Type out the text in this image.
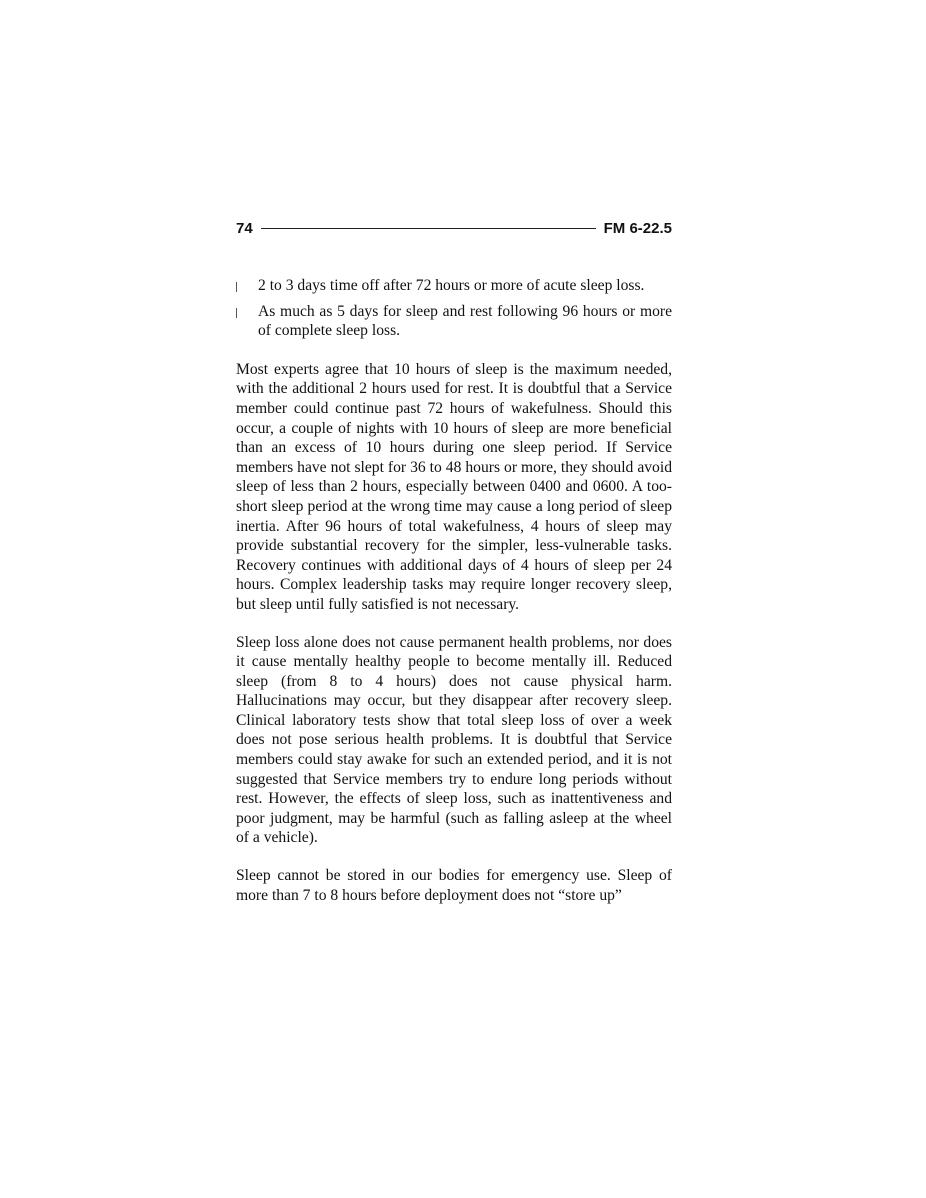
74	FM 6-22.5
2 to 3 days time off after 72 hours or more of acute sleep loss.
As much as 5 days for sleep and rest following 96 hours or more of complete sleep loss.

Most experts agree that 10 hours of sleep is the maximum needed, with the additional 2 hours used for rest. It is doubtful that a Service member could continue past 72 hours of wakefulness. Should this occur, a couple of nights with 10 hours of sleep are more beneficial than an excess of 10 hours during one sleep period. If Service members have not slept for 36 to 48 hours or more, they should avoid sleep of less than 2 hours, especially between 0400 and 0600. A too-short sleep period at the wrong time may cause a long period of sleep inertia. After 96 hours of total wakefulness, 4 hours of sleep may provide substantial recovery for the simpler, less-vulnerable tasks. Recovery continues with additional days of 4 hours of sleep per 24 hours. Complex leadership tasks may require longer recovery sleep, but sleep until fully satisfied is not necessary.

Sleep loss alone does not cause permanent health problems, nor does it cause mentally healthy people to become mentally ill. Reduced sleep (from 8 to 4 hours) does not cause physical harm. Hallucinations may occur, but they disappear after recovery sleep. Clinical laboratory tests show that total sleep loss of over a week does not pose serious health problems. It is doubtful that Service members could stay awake for such an extended period, and it is not suggested that Service members try to endure long periods without rest. However, the effects of sleep loss, such as inattentiveness and poor judgment, may be harmful (such as falling asleep at the wheel of a vehicle).

Sleep cannot be stored in our bodies for emergency use. Sleep of more than 7 to 8 hours before deployment does not “store up”
